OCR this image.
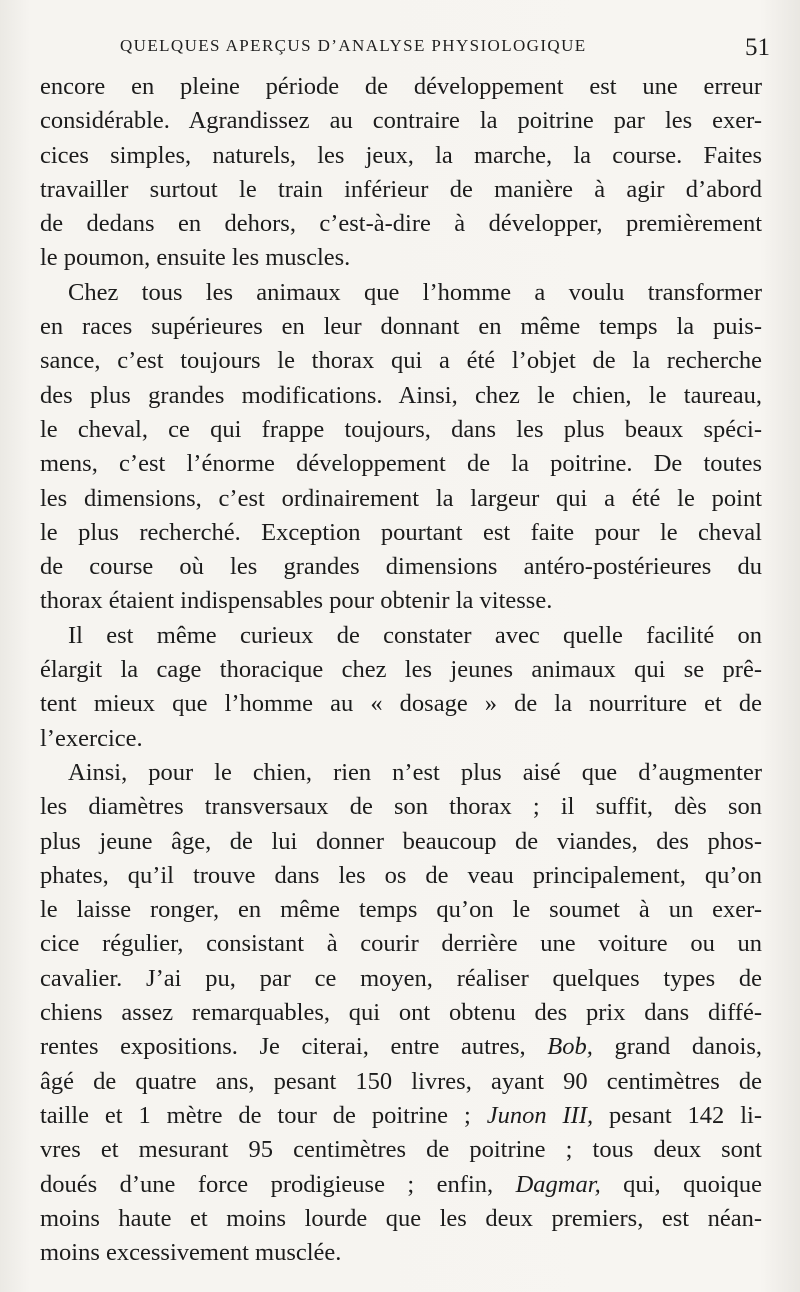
QUELQUES APERÇUS D’ANALYSE PHYSIOLOGIQUE	51
encore en pleine période de développement est une erreur
considérable. Agrandissez au contraire la poitrine par les exer-
cices simples, naturels, les jeux, la marche, la course. Faites
travailler surtout le train inférieur de manière à agir d’abord
de dedans en dehors, c’est-à-dire à développer, premièrement
le poumon, ensuite les muscles.
Chez tous les animaux que l’homme a voulu transformer
en races supérieures en leur donnant en même temps la puis-
sance, c’est toujours le thorax qui a été l’objet de la recherche
des plus grandes modifications. Ainsi, chez le chien, le taureau,
le cheval, ce qui frappe toujours, dans les plus beaux spéci-
mens, c’est l’énorme développement de la poitrine. De toutes
les dimensions, c’est ordinairement la largeur qui a été le point
le plus recherché. Exception pourtant est faite pour le cheval
de course où les grandes dimensions antéro-postérieures du
thorax étaient indispensables pour obtenir la vitesse.
Il est même curieux de constater avec quelle facilité on
élargit la cage thoracique chez les jeunes animaux qui se prê-
tent mieux que l’homme au « dosage » de la nourriture et de
l’exercice.
Ainsi, pour le chien, rien n’est plus aisé que d’augmenter
les diamètres transversaux de son thorax ; il suffit, dès son
plus jeune âge, de lui donner beaucoup de viandes, des phos-
phates, qu’il trouve dans les os de veau principalement, qu’on
le laisse ronger, en même temps qu’on le soumet à un exer-
cice régulier, consistant à courir derrière une voiture ou un
cavalier. J’ai pu, par ce moyen, réaliser quelques types de
chiens assez remarquables, qui ont obtenu des prix dans diffé-
rentes expositions. Je citerai, entre autres, Bob, grand danois,
âgé de quatre ans, pesant 150 livres, ayant 90 centimètres de
taille et 1 mètre de tour de poitrine ; Junon III, pesant 142 li-
vres et mesurant 95 centimètres de poitrine ; tous deux sont
doués d’une force prodigieuse ; enfin, Dagmar, qui, quoique
moins haute et moins lourde que les deux premiers, est néan-
moins excessivement musclée.
